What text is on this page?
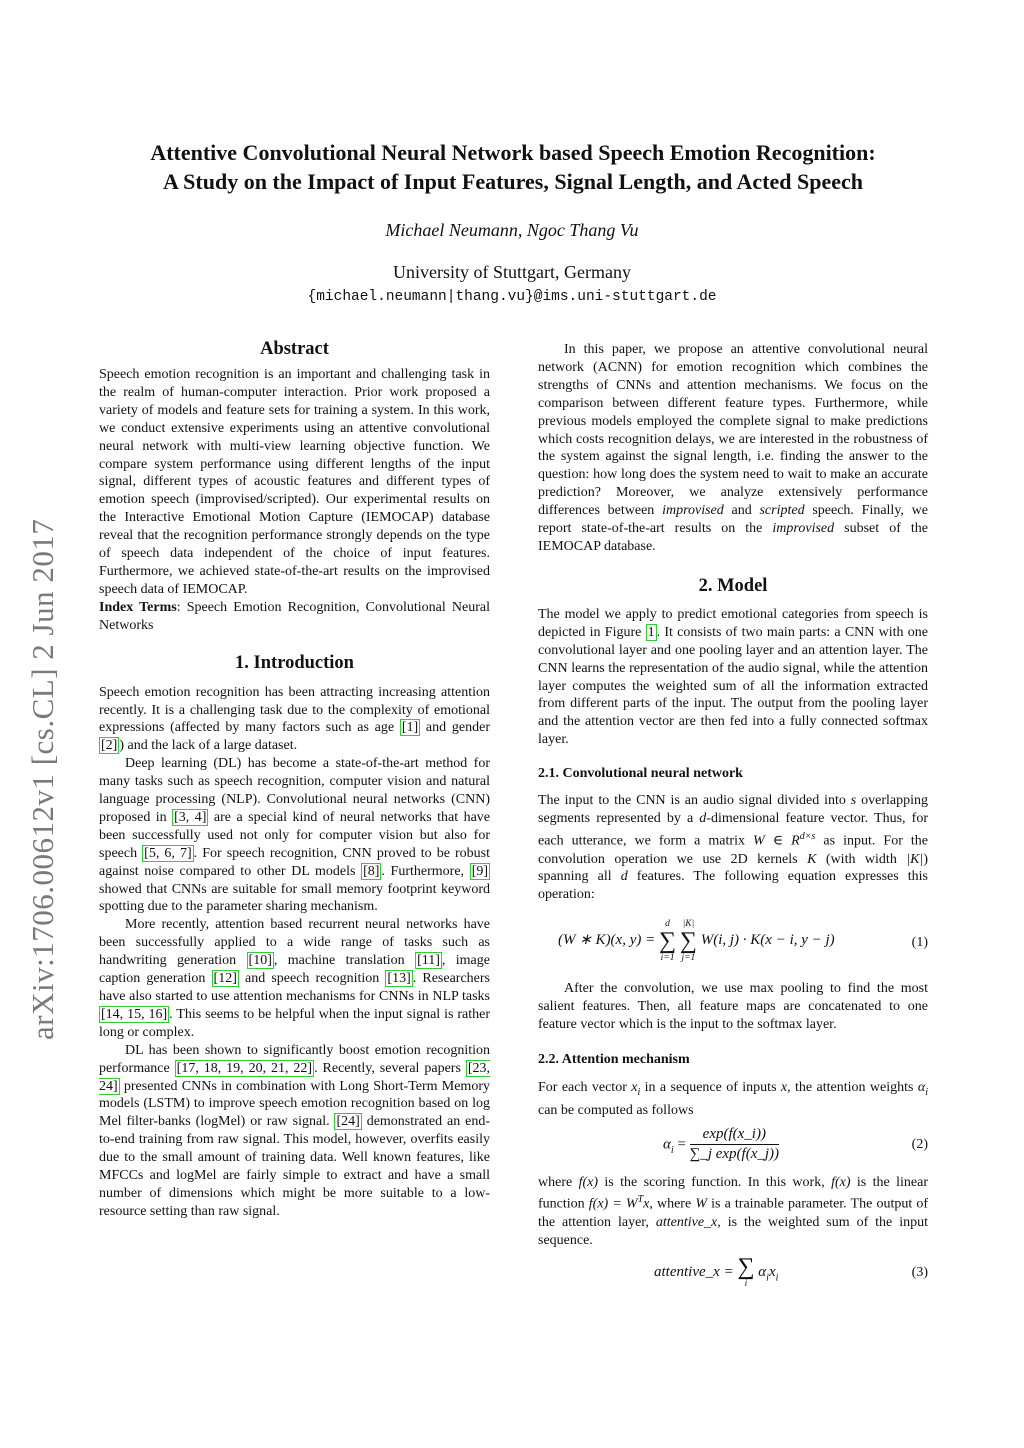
arXiv:1706.00612v1 [cs.CL] 2 Jun 2017
Attentive Convolutional Neural Network based Speech Emotion Recognition:
A Study on the Impact of Input Features, Signal Length, and Acted Speech
Michael Neumann, Ngoc Thang Vu
University of Stuttgart, Germany
{michael.neumann|thang.vu}@ims.uni-stuttgart.de
Abstract

Speech emotion recognition is an important and challenging task in the realm of human-computer interaction. Prior work proposed a variety of models and feature sets for training a system. In this work, we conduct extensive experiments using an attentive convolutional neural network with multi-view learning objective function. We compare system performance using different lengths of the input signal, different types of acoustic features and different types of emotion speech (improvised/scripted). Our experimental results on the Interactive Emotional Motion Capture (IEMOCAP) database reveal that the recognition performance strongly depends on the type of speech data independent of the choice of input features. Furthermore, we achieved state-of-the-art results on the improvised speech data of IEMOCAP.

Index Terms: Speech Emotion Recognition, Convolutional Neural Networks

1. Introduction

Speech emotion recognition has been attracting increasing attention recently. It is a challenging task due to the complexity of emotional expressions (affected by many factors such as age [1] and gender [2] ) and the lack of a large dataset.

Deep learning (DL) has become a state-of-the-art method for many tasks such as speech recognition, computer vision and natural language processing (NLP). Convolutional neural networks (CNN) proposed in [3, 4] are a special kind of neural networks that have been successfully used not only for computer vision but also for speech [5, 6, 7] . For speech recognition, CNN proved to be robust against noise compared to other DL models [8] . Furthermore, [9] showed that CNNs are suitable for small memory footprint keyword spotting due to the parameter sharing mechanism.

More recently, attention based recurrent neural networks have been successfully applied to a wide range of tasks such as handwriting generation [10] , machine translation [11] , image caption generation [12] and speech recognition [13] . Researchers have also started to use attention mechanisms for CNNs in NLP tasks [14, 15, 16] . This seems to be helpful when the input signal is rather long or complex.

DL has been shown to significantly boost emotion recognition performance [17, 18, 19, 20, 21, 22] . Recently, several papers [23, 24] presented CNNs in combination with Long Short-Term Memory models (LSTM) to improve speech emotion recognition based on log Mel filter-banks (logMel) or raw signal. [24] demonstrated an end-to-end training from raw signal. This model, however, overfits easily due to the small amount of training data. Well known features, like MFCCs and logMel are fairly simple to extract and have a small number of dimensions which might be more suitable to a low-resource setting than raw signal.

In this paper, we propose an attentive convolutional neural network (ACNN) for emotion recognition which combines the strengths of CNNs and attention mechanisms. We focus on the comparison between different feature types. Furthermore, while previous models employed the complete signal to make predictions which costs recognition delays, we are interested in the robustness of the system against the signal length, i.e. finding the answer to the question: how long does the system need to wait to make an accurate prediction? Moreover, we analyze extensively performance differences between improvised and scripted speech. Finally, we report state-of-the-art results on the improvised subset of the IEMOCAP database.

2. Model

The model we apply to predict emotional categories from speech is depicted in Figure 1 . It consists of two main parts: a CNN with one convolutional layer and one pooling layer and an attention layer. The CNN learns the representation of the audio signal, while the attention layer computes the weighted sum of all the information extracted from different parts of the input. The output from the pooling layer and the attention vector are then fed into a fully connected softmax layer.

2.1. Convolutional neural network

The input to the CNN is an audio signal divided into s overlapping segments represented by a d-dimensional feature vector. Thus, for each utterance, we form a matrix W ∈ $R^{d\times s}$ as input. For the convolution operation we use 2D kernels K (with width |K|) spanning all d features. The following equation expresses this operation:

(W ∗ K)(x, y) =
d
∑
i=1

|K|
∑
j=1
W(i, j) · K(x − i, y − j)	(1)

After the convolution, we use max pooling to find the most salient features. Then, all feature maps are concatenated to one feature vector which is the input to the softmax layer.

2.2. Attention mechanism

For each vector $x_i$ in a sequence of inputs x, the attention weights $\alpha_i$ can be computed as follows

$\alpha_i = \frac{\exp(f(x\_i))}{\text{∑\_j exp(f(x\_j))}}$	(2)

where f(x) is the scoring function. In this work, f(x) is the linear function $f(x) = W^Tx$, where W is a trainable parameter. The output of the attention layer, attentive_x, is the weighted sum of the input sequence.

attentive_x = ∑
i
$\alpha_ix_i$	(3)
